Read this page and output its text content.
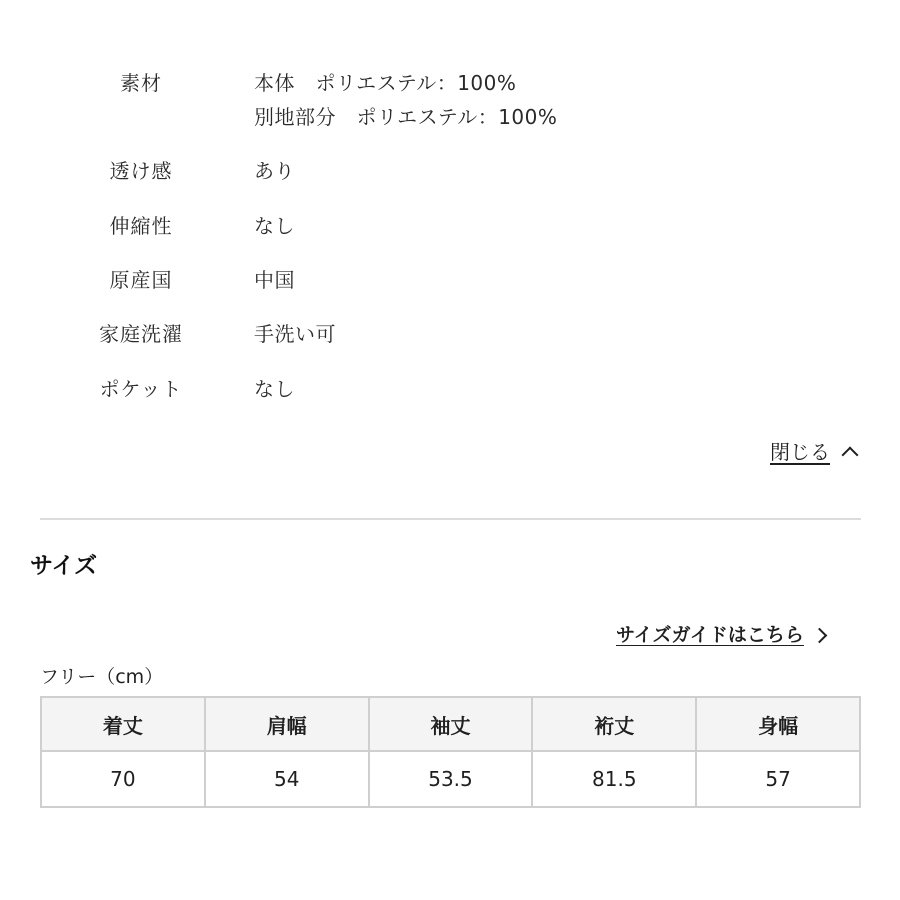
素材	本体　ポリエステル：100%
別地部分　ポリエステル：100%
透け感	あり
伸縮性	なし
原産国	中国
家庭洗濯	手洗い可
ポケット	なし
閉じる
サイズ
サイズガイドはこちら
フリー（cm）
着丈	肩幅	袖丈	裄丈	身幅
70	54	53.5	81.5	57
